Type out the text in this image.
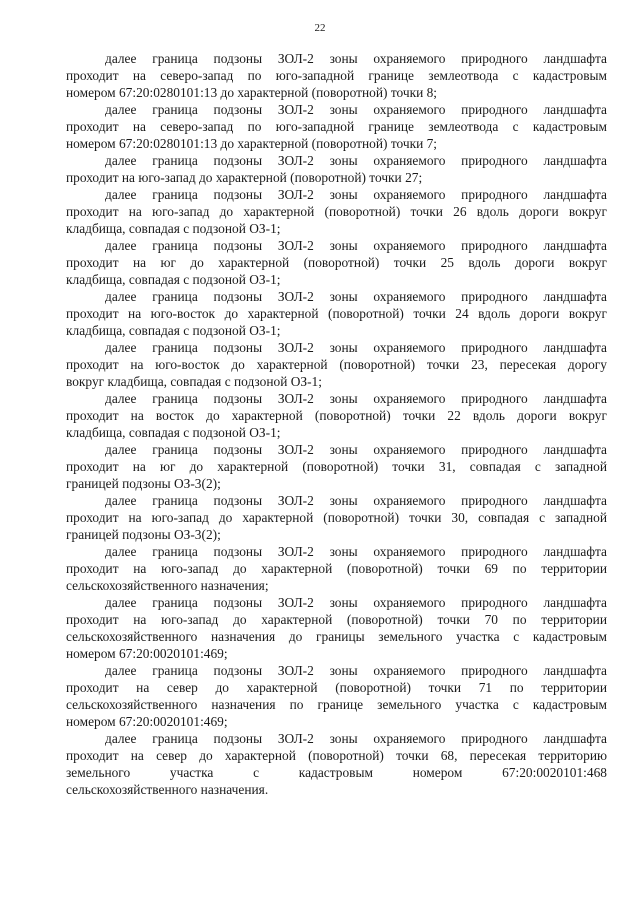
22
далее граница подзоны ЗОЛ-2 зоны охраняемого природного ландшафта
проходит на северо-запад по юго-западной границе землеотвода с кадастровым
номером 67:20:0280101:13 до характерной (поворотной) точки 8;
далее граница подзоны ЗОЛ-2 зоны охраняемого природного ландшафта
проходит на северо-запад по юго-западной границе землеотвода с кадастровым
номером 67:20:0280101:13 до характерной (поворотной) точки 7;
далее граница подзоны ЗОЛ-2 зоны охраняемого природного ландшафта
проходит на юго-запад до характерной (поворотной) точки 27;
далее граница подзоны ЗОЛ-2 зоны охраняемого природного ландшафта
проходит на юго-запад до характерной (поворотной) точки 26 вдоль дороги вокруг
кладбища, совпадая с подзоной ОЗ-1;
далее граница подзоны ЗОЛ-2 зоны охраняемого природного ландшафта
проходит на юг до характерной (поворотной) точки 25 вдоль дороги вокруг
кладбища, совпадая с подзоной ОЗ-1;
далее граница подзоны ЗОЛ-2 зоны охраняемого природного ландшафта
проходит на юго-восток до характерной (поворотной) точки 24 вдоль дороги вокруг
кладбища, совпадая с подзоной ОЗ-1;
далее граница подзоны ЗОЛ-2 зоны охраняемого природного ландшафта
проходит на юго-восток до характерной (поворотной) точки 23, пересекая дорогу
вокруг кладбища, совпадая с подзоной ОЗ-1;
далее граница подзоны ЗОЛ-2 зоны охраняемого природного ландшафта
проходит на восток до характерной (поворотной) точки 22 вдоль дороги вокруг
кладбища, совпадая с подзоной ОЗ-1;
далее граница подзоны ЗОЛ-2 зоны охраняемого природного ландшафта
проходит на юг до характерной (поворотной) точки 31, совпадая с западной
границей подзоны ОЗ-3(2);
далее граница подзоны ЗОЛ-2 зоны охраняемого природного ландшафта
проходит на юго-запад до характерной (поворотной) точки 30, совпадая с западной
границей подзоны ОЗ-3(2);
далее граница подзоны ЗОЛ-2 зоны охраняемого природного ландшафта
проходит на юго-запад до характерной (поворотной) точки 69 по территории
сельскохозяйственного назначения;
далее граница подзоны ЗОЛ-2 зоны охраняемого природного ландшафта
проходит на юго-запад до характерной (поворотной) точки 70 по территории
сельскохозяйственного назначения до границы земельного участка с кадастровым
номером 67:20:0020101:469;
далее граница подзоны ЗОЛ-2 зоны охраняемого природного ландшафта
проходит на север до характерной (поворотной) точки 71 по территории
сельскохозяйственного назначения по границе земельного участка с кадастровым
номером 67:20:0020101:469;
далее граница подзоны ЗОЛ-2 зоны охраняемого природного ландшафта
проходит на север до характерной (поворотной) точки 68, пересекая территорию
земельного участка с кадастровым номером 67:20:0020101:468
сельскохозяйственного назначения.
